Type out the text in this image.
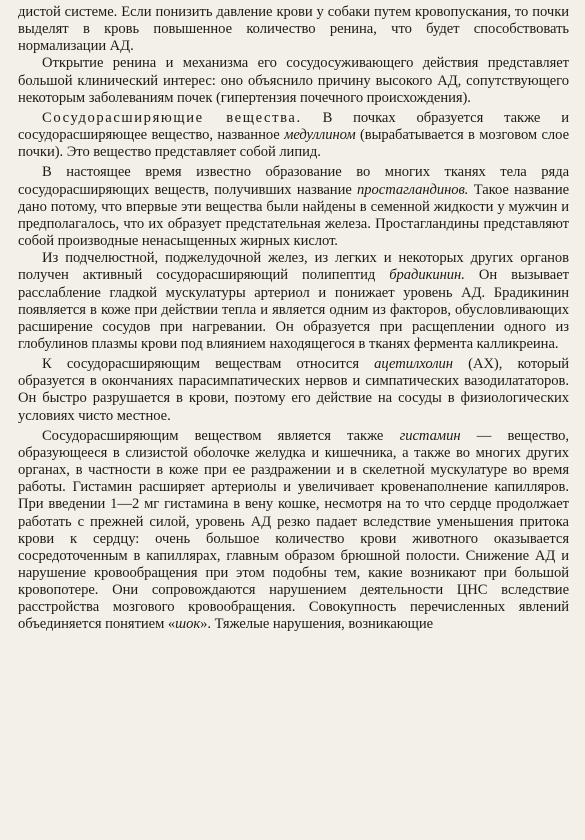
дистой системе. Если понизить давление крови у собаки путем кровопускания, то почки выделят в кровь повышенное количество ренина, что будет способствовать нормализации АД.

Открытие ренина и механизма его сосудосуживающего действия представляет большой клинический интерес: оно объяснило причину высокого АД, сопутствующего некоторым заболеваниям почек (гипертензия почечного происхождения).

Сосудорасширяющие вещества. В почках образуется также и сосудорасширяющее вещество, названное медуллином (вырабатывается в мозговом слое почки). Это вещество представляет собой липид.

В настоящее время известно образование во многих тканях тела ряда сосудорасширяющих веществ, получивших название простагландинов. Такое название дано потому, что впервые эти вещества были найдены в семенной жидкости у мужчин и предполагалось, что их образует предстательная железа. Простагландины представляют собой производные ненасыщенных жирных кислот.

Из подчелюстной, поджелудочной желез, из легких и некоторых других органов получен активный сосудорасширяющий полипептид брадикинин. Он вызывает расслабление гладкой мускулатуры артериол и понижает уровень АД. Брадикинин появляется в коже при действии тепла и является одним из факторов, обусловливающих расширение сосудов при нагревании. Он образуется при расщеплении одного из глобулинов плазмы крови под влиянием находящегося в тканях фермента калликреина.

К сосудорасширяющим веществам относится ацетилхолин (АХ), который образуется в окончаниях парасимпатических нервов и симпатических вазодилататоров. Он быстро разрушается в крови, поэтому его действие на сосуды в физиологических условиях чисто местное.

Сосудорасширяющим веществом является также гистамин — вещество, образующееся в слизистой оболочке желудка и кишечника, а также во многих других органах, в частности в коже при ее раздражении и в скелетной мускулатуре во время работы. Гистамин расширяет артериолы и увеличивает кровенаполнение капилляров. При введении 1—2 мг гистамина в вену кошке, несмотря на то что сердце продолжает работать с прежней силой, уровень АД резко падает вследствие уменьшения притока крови к сердцу: очень большое количество крови животного оказывается сосредоточенным в капиллярах, главным образом брюшной полости. Снижение АД и нарушение кровообращения при этом подобны тем, какие возникают при большой кровопотере. Они сопровождаются нарушением деятельности ЦНС вследствие расстройства мозгового кровообращения. Совокупность перечисленных явлений объединяется понятием «шок». Тяжелые нарушения, возникающие
